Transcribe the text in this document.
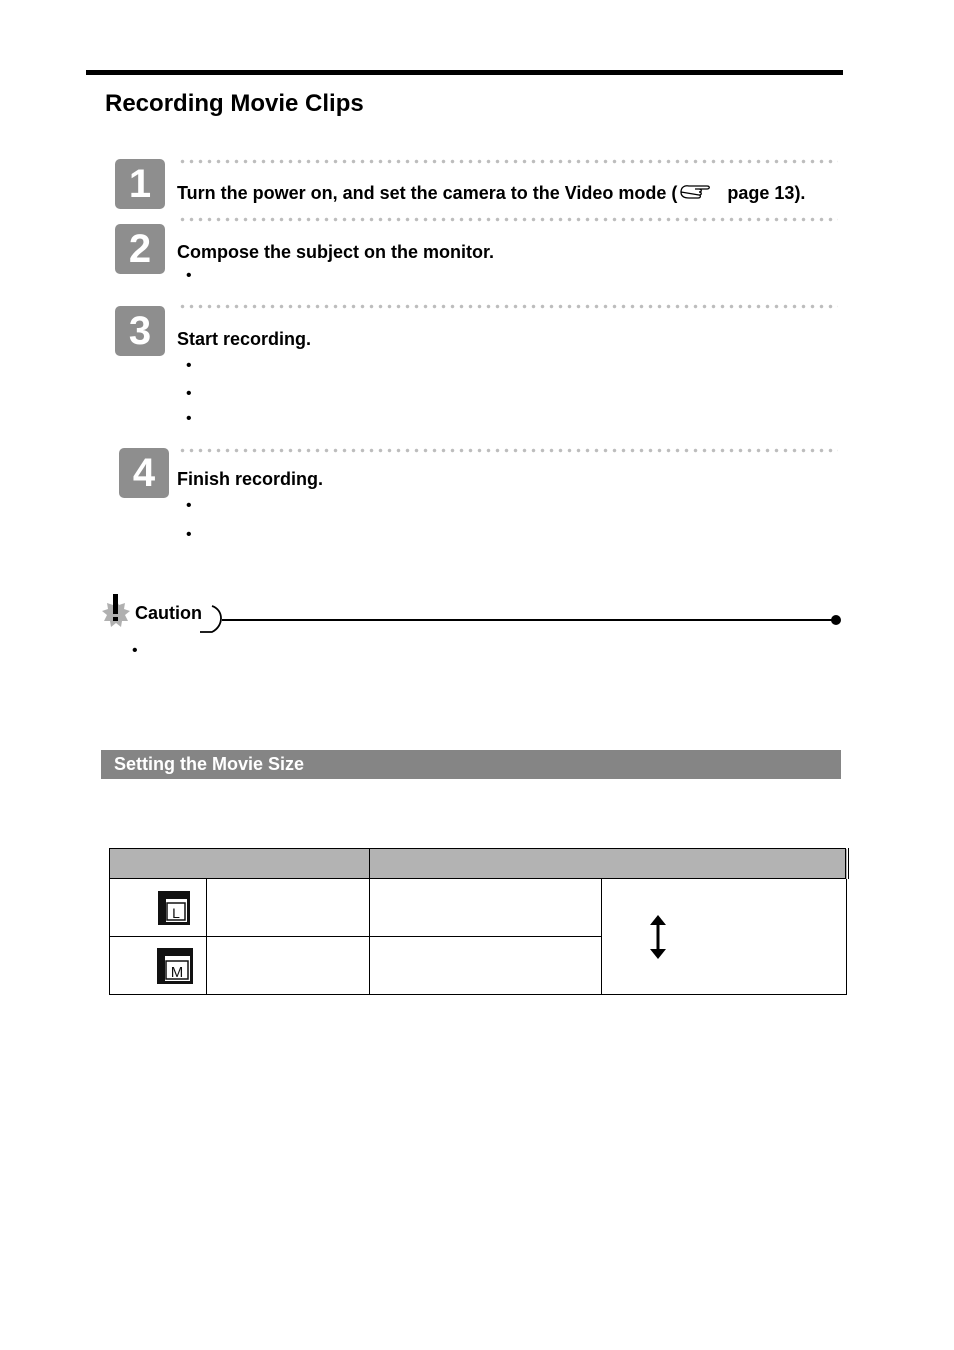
Recording Movie Clips
1	Turn the power on, and set the camera to the Video mode (	page 13).
2	Compose the subject on the monitor.
•
3	Start recording.
•
•
•
4	Finish recording.
•
•
Caution
•
Setting the Movie Size

L

M			
